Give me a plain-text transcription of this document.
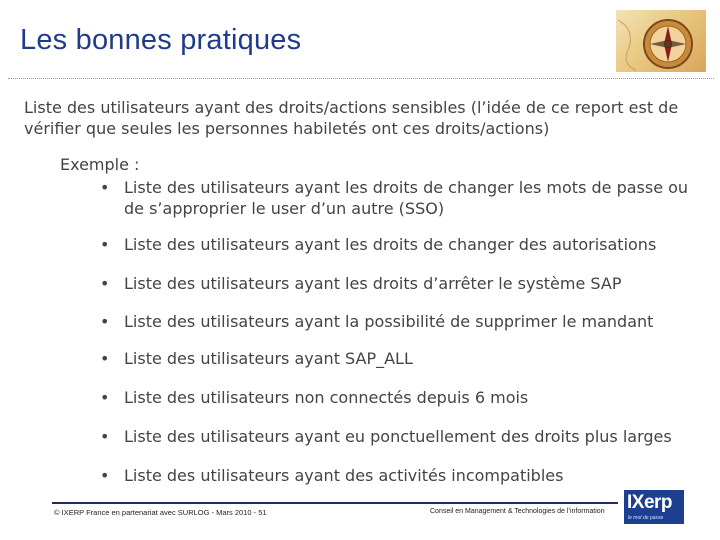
Les bonnes pratiques

Liste des utilisateurs ayant des droits/actions sensibles (l’idée de ce report est de vérifier que seules les personnes habiletés ont ces droits/actions)

Exemple :
• Liste des utilisateurs ayant les droits de changer les mots de passe ou de s’approprier le user d’un autre (SSO)
• Liste des utilisateurs ayant les droits de changer des autorisations
• Liste des utilisateurs ayant les droits d’arrêter le système SAP
• Liste des utilisateurs ayant la possibilité de supprimer le mandant
• Liste des utilisateurs ayant SAP_ALL
• Liste des utilisateurs non connectés depuis 6 mois
• Liste des utilisateurs ayant eu ponctuellement des droits plus larges
• Liste des utilisateurs ayant des activités incompatibles
© IXERP France en partenariat avec SURLOG - Mars 2010 - 51	Conseil en Management & Technologies de l’information IXerp
le mot de passe
